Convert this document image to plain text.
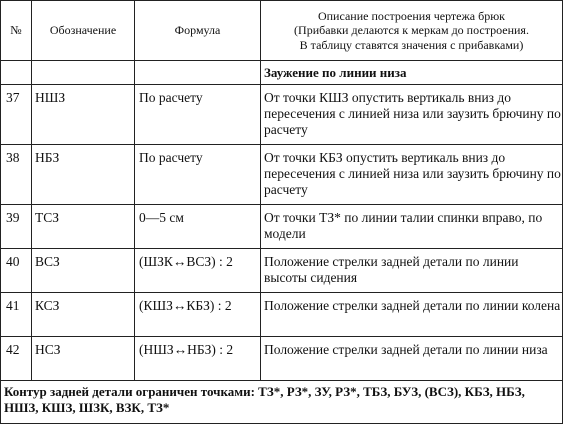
№	Обозначение	Формула	Описание построения чертежа брюк
(Прибавки делаются к меркам до построения.
В таблицу ставятся значения с прибавками)

			Заужение по линии низа
37	НШЗ	По расчету	От точки КШЗ опустить вертикаль вниз до пересечения с линией низа или заузить брючину по расчету
38	НБЗ	По расчету	От точки КБЗ опустить вертикаль вниз до пересечения с линией низа или заузить брючину по расчету
39	ТСЗ	0—5 см	От точки ТЗ* по линии талии спинки вправо, по модели
40	ВСЗ	(ШЗК↔ВСЗ) : 2	Положение стрелки задней детали по линии высоты сидения
41	КСЗ	(КШЗ↔КБЗ) : 2	Положение стрелки задней детали по линии колена
42	НСЗ	(НШЗ↔НБЗ) : 2	Положение стрелки задней детали по линии низа
Контур задней детали ограничен точками: ТЗ*, РЗ*, ЗУ, РЗ*, ТБЗ, БУЗ, (ВСЗ), КБЗ, НБЗ, НШЗ, КШЗ, ШЗК, ВЗК, ТЗ*			
